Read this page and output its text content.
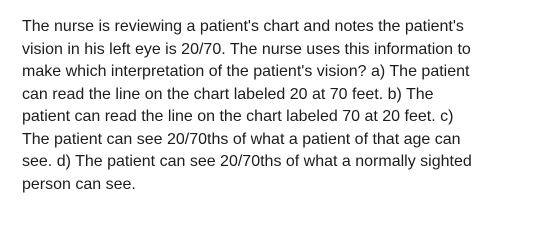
The nurse is reviewing a patient's chart and notes the patient's
vision in his left eye is 20/70. The nurse uses this information to
make which interpretation of the patient's vision? a) The patient
can read the line on the chart labeled 20 at 70 feet. b) The
patient can read the line on the chart labeled 70 at 20 feet. c)
The patient can see 20/70ths of what a patient of that age can
see. d) The patient can see 20/70ths of what a normally sighted
person can see.
